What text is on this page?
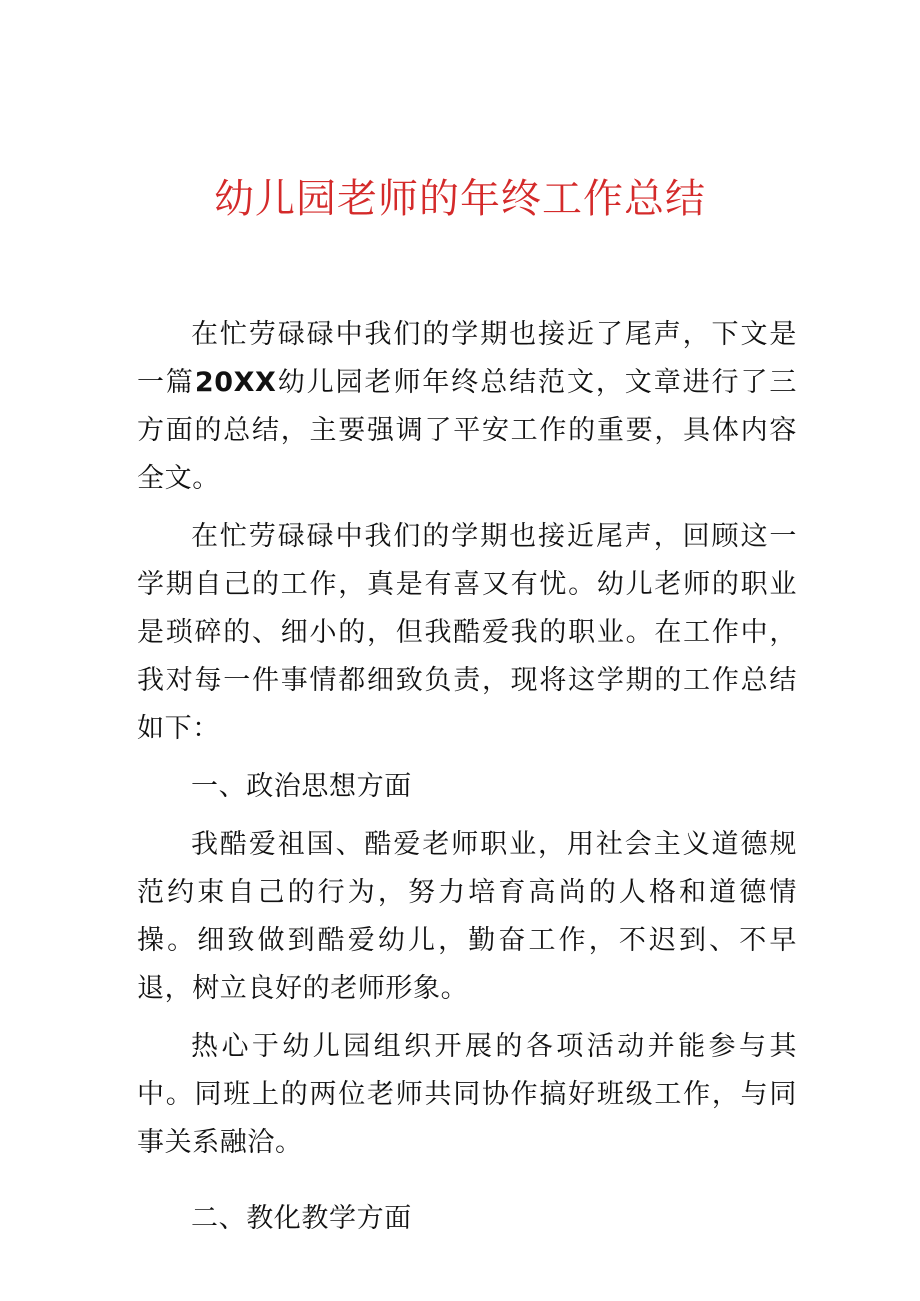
幼儿园老师的年终工作总结

在忙劳碌碌中我们的学期也接近了尾声，下文是一篇20XX幼儿园老师年终总结范文，文章进行了三方面的总结，主要强调了平安工作的重要，具体内容全文。

在忙劳碌碌中我们的学期也接近尾声，回顾这一学期自己的工作，真是有喜又有忧。幼儿老师的职业是琐碎的、细小的，但我酷爱我的职业。在工作中，我对每一件事情都细致负责，现将这学期的工作总结如下：

一、政治思想方面

我酷爱祖国、酷爱老师职业，用社会主义道德规范约束自己的行为，努力培育高尚的人格和道德情操。细致做到酷爱幼儿，勤奋工作，不迟到、不早退，树立良好的老师形象。

热心于幼儿园组织开展的各项活动并能参与其中。同班上的两位老师共同协作搞好班级工作，与同事关系融洽。

二、教化教学方面
